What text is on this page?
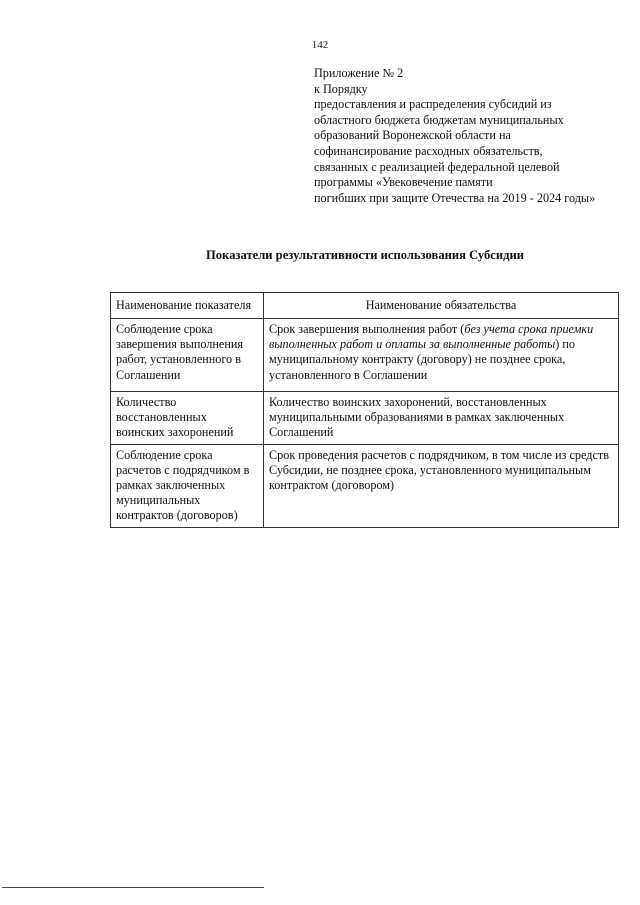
142
Приложение № 2
к Порядку
предоставления и распределения субсидий из
областного бюджета бюджетам муниципальных
образований Воронежской области на
софинансирование расходных обязательств,
связанных с реализацией федеральной целевой
программы «Увековечение памяти
погибших при защите Отечества на 2019 - 2024 годы»
Показатели результативности использования Субсидии
Наименование показателя	Наименование обязательства
Соблюдение срока завершения выполнения работ, установленного в Соглашении	Срок завершения выполнения работ (без учета срока приемки выполненных работ и оплаты за выполненные работы) по муниципальному контракту (договору) не позднее срока, установленного в Соглашении
Количество восстановленных воинских захоронений	Количество воинских захоронений, восстановленных муниципальными образованиями в рамках заключенных Соглашений
Соблюдение срока расчетов с подрядчиком в рамках заключенных муниципальных контрактов (договоров)	Срок проведения расчетов с подрядчиком, в том числе из средств Субсидии, не позднее срока, установленного муниципальным контрактом (договором)
